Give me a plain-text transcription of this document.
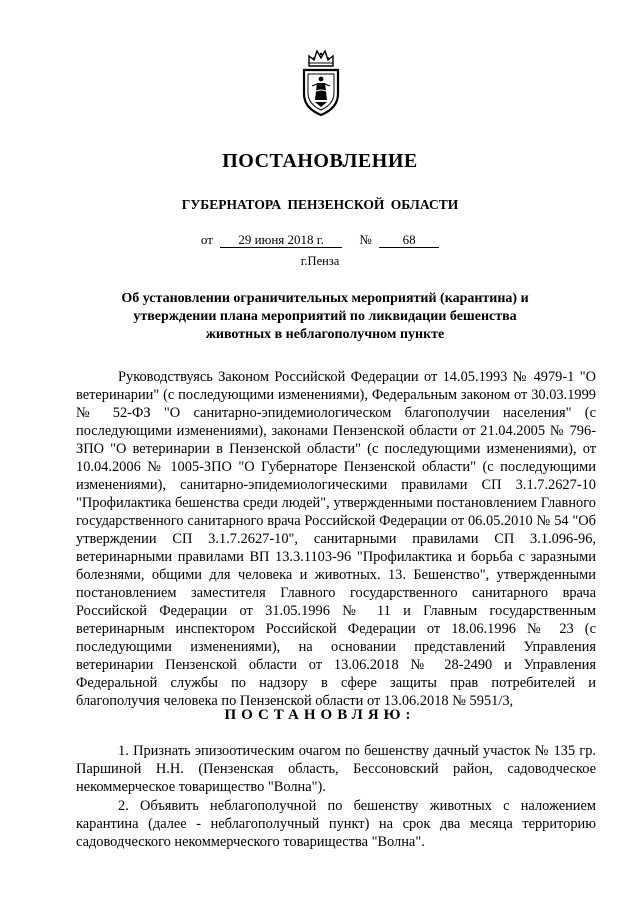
ПОСТАНОВЛЕНИЕ
ГУБЕРНАТОРА ПЕНЗЕНСКОЙ ОБЛАСТИ
от 29 июня 2018 г.	№ 68
г.Пенза
Об установлении ограничительных мероприятий (карантина) и утверждении плана мероприятий по ликвидации бешенства животных в неблагополучном пункте

Руководствуясь Законом Российской Федерации от 14.05.1993 № 4979-1 "О ветеринарии" (с последующими изменениями), Федеральным законом от 30.03.1999 № 52-ФЗ "О санитарно-эпидемиологическом благополучии населения" (с последующими изменениями), законами Пензенской области от 21.04.2005 № 796-ЗПО "О ветеринарии в Пензенской области" (с последующими изменениями), от 10.04.2006 № 1005-ЗПО "О Губернаторе Пензенской области" (с последующими изменениями), санитарно-эпидемиологическими правилами СП 3.1.7.2627-10 "Профилактика бешенства среди людей", утвержденными постановлением Главного государственного санитарного врача Российской Федерации от 06.05.2010 № 54 "Об утверждении СП 3.1.7.2627-10", санитарными правилами СП 3.1.096-96, ветеринарными правилами ВП 13.3.1103-96 "Профилактика и борьба с заразными болезнями, общими для человека и животных. 13. Бешенство", утвержденными постановлением заместителя Главного государственного санитарного врача Российской Федерации от 31.05.1996 № 11 и Главным государственным ветеринарным инспектором Российской Федерации от 18.06.1996 № 23 (с последующими изменениями), на основании представлений Управления ветеринарии Пензенской области от 13.06.2018 № 28-2490 и Управления Федеральной службы по надзору в сфере защиты прав потребителей и благополучия человека по Пензенской области от 13.06.2018 № 5951/3,

ПОСТАНОВЛЯЮ:

1. Признать эпизоотическим очагом по бешенству дачный участок № 135 гр. Паршиной Н.Н. (Пензенская область, Бессоновский район, садоводческое некоммерческое товарищество "Волна").

2. Объявить неблагополучной по бешенству животных с наложением карантина (далее - неблагополучный пункт) на срок два месяца территорию садоводческого некоммерческого товарищества "Волна".
